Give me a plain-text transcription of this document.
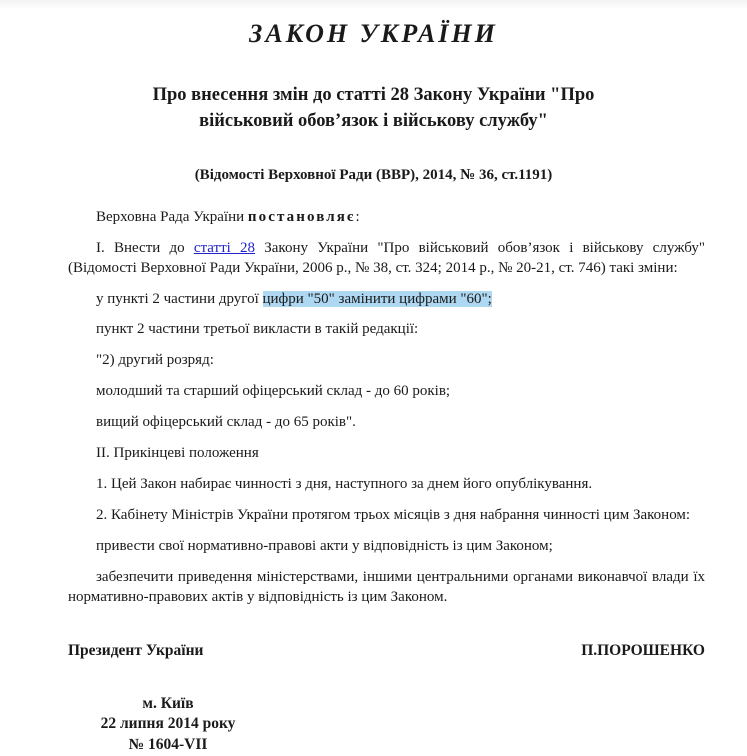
ЗАКОН УКРАЇНИ
Про внесення змін до статті 28 Закону України "Про військовий обов’язок і військову службу"
(Відомості Верховної Ради (ВВР), 2014, № 36, ст.1191)

Верховна Рада України постановляє:

I. Внести до статті 28 Закону України "Про військовий обов’язок і військову службу" (Відомості Верховної Ради України, 2006 р., № 38, ст. 324; 2014 р., № 20-21, ст. 746) такі зміни:

у пункті 2 частини другої цифри "50" замінити цифрами "60";

пункт 2 частини третьої викласти в такій редакції:

"2) другий розряд:

молодший та старший офіцерський склад - до 60 років;

вищий офіцерський склад - до 65 років".

II. Прикінцеві положення

1. Цей Закон набирає чинності з дня, наступного за днем його опублікування.

2. Кабінету Міністрів України протягом трьох місяців з дня набрання чинності цим Законом:

привести свої нормативно-правові акти у відповідність із цим Законом;

забезпечити приведення міністерствами, іншими центральними органами виконавчої влади їх нормативно-правових актів у відповідність із цим Законом.

Президент України	П.ПОРОШЕНКО
м. Київ
22 липня 2014 року
№ 1604-VII
